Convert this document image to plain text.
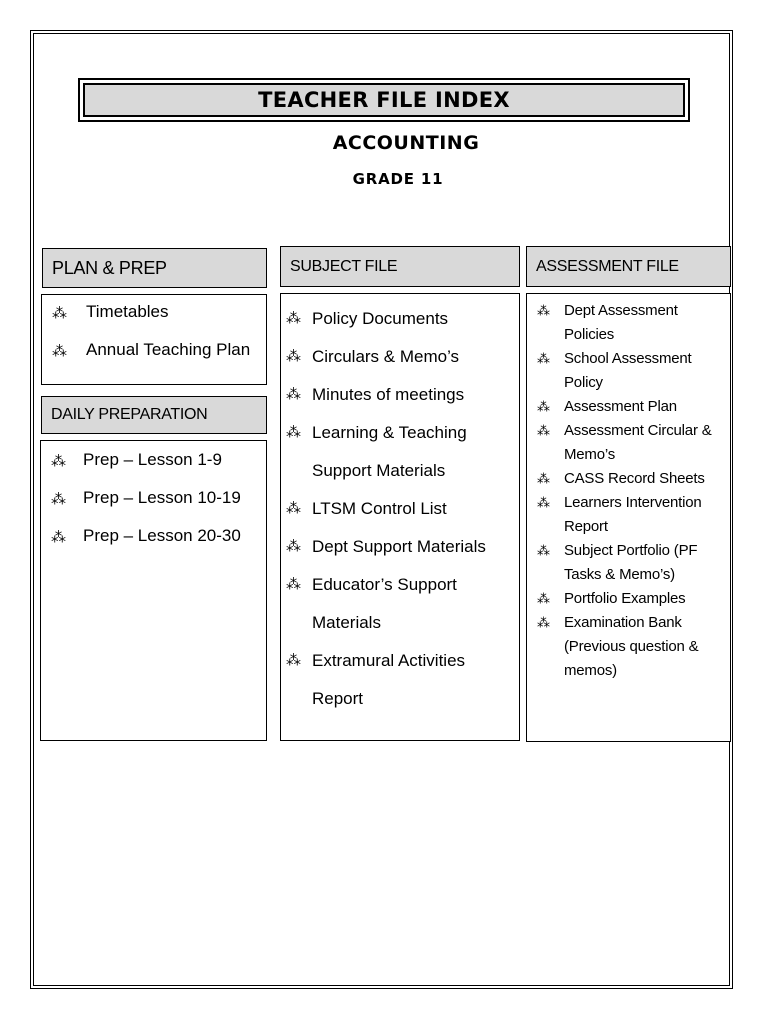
TEACHER FILE INDEX
ACCOUNTING
GRADE 11
PLAN & PREP
⁂ Timetables
⁂ Annual Teaching Plan
DAILY PREPARATION
⁂ Prep – Lesson 1-9
⁂ Prep – Lesson 10-19
⁂ Prep – Lesson 20-30
SUBJECT FILE
⁂ Policy Documents
⁂ Circulars & Memo’s
⁂ Minutes of meetings
⁂ Learning & Teaching Support Materials
⁂ LTSM Control List
⁂ Dept Support Materials
⁂ Educator’s Support Materials
⁂ Extramural Activities Report
ASSESSMENT FILE
⁂ Dept Assessment Policies
⁂ School Assessment Policy
⁂ Assessment Plan
⁂ Assessment Circular & Memo’s
⁂ CASS Record Sheets
⁂ Learners Intervention Report
⁂ Subject Portfolio (PF Tasks & Memo’s)
⁂ Portfolio Examples
⁂ Examination Bank (Previous question & memos)
